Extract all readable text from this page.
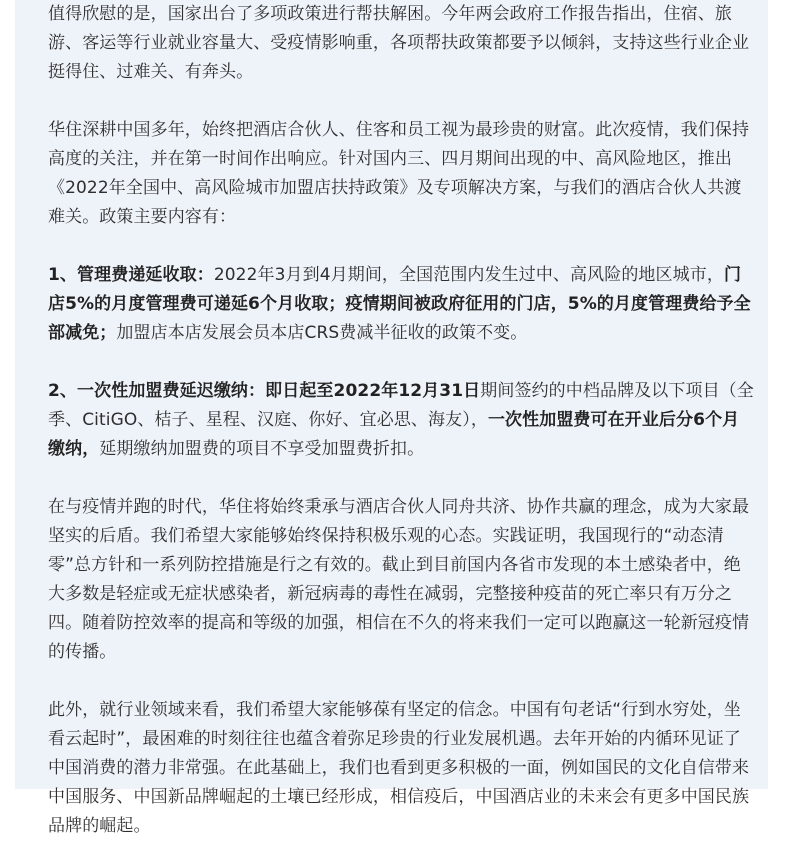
值得欣慰的是，国家出台了多项政策进行帮扶解困。今年两会政府工作报告指出，住宿、旅游、客运等行业就业容量大、受疫情影响重，各项帮扶政策都要予以倾斜，支持这些行业企业挺得住、过难关、有奔头。

华住深耕中国多年，始终把酒店合伙人、住客和员工视为最珍贵的财富。此次疫情，我们保持高度的关注，并在第一时间作出响应。针对国内三、四月期间出现的中、高风险地区，推出《2022年全国中、高风险城市加盟店扶持政策》及专项解决方案，与我们的酒店合伙人共渡难关。政策主要内容有：

1、管理费递延收取：2022年3月到4月期间，全国范围内发生过中、高风险的地区城市，门店5%的月度管理费可递延6个月收取；疫情期间被政府征用的门店，5%的月度管理费给予全部减免；加盟店本店发展会员本店CRS费减半征收的政策不变。

2、一次性加盟费延迟缴纳：即日起至2022年12月31日期间签约的中档品牌及以下项目（全季、CitiGO、桔子、星程、汉庭、你好、宜必思、海友），一次性加盟费可在开业后分6个月缴纳，延期缴纳加盟费的项目不享受加盟费折扣。

在与疫情并跑的时代，华住将始终秉承与酒店合伙人同舟共济、协作共赢的理念，成为大家最坚实的后盾。我们希望大家能够始终保持积极乐观的心态。实践证明，我国现行的“动态清零”总方针和一系列防控措施是行之有效的。截止到目前国内各省市发现的本土感染者中，绝大多数是轻症或无症状感染者，新冠病毒的毒性在减弱，完整接种疫苗的死亡率只有万分之四。随着防控效率的提高和等级的加强，相信在不久的将来我们一定可以跑赢这一轮新冠疫情的传播。

此外，就行业领域来看，我们希望大家能够葆有坚定的信念。中国有句老话“行到水穷处，坐看云起时”，最困难的时刻往往也蕴含着弥足珍贵的行业发展机遇。去年开始的内循环见证了中国消费的潜力非常强。在此基础上，我们也看到更多积极的一面，例如国民的文化自信带来中国服务、中国新品牌崛起的土壤已经形成，相信疫后，中国酒店业的未来会有更多中国民族品牌的崛起。
